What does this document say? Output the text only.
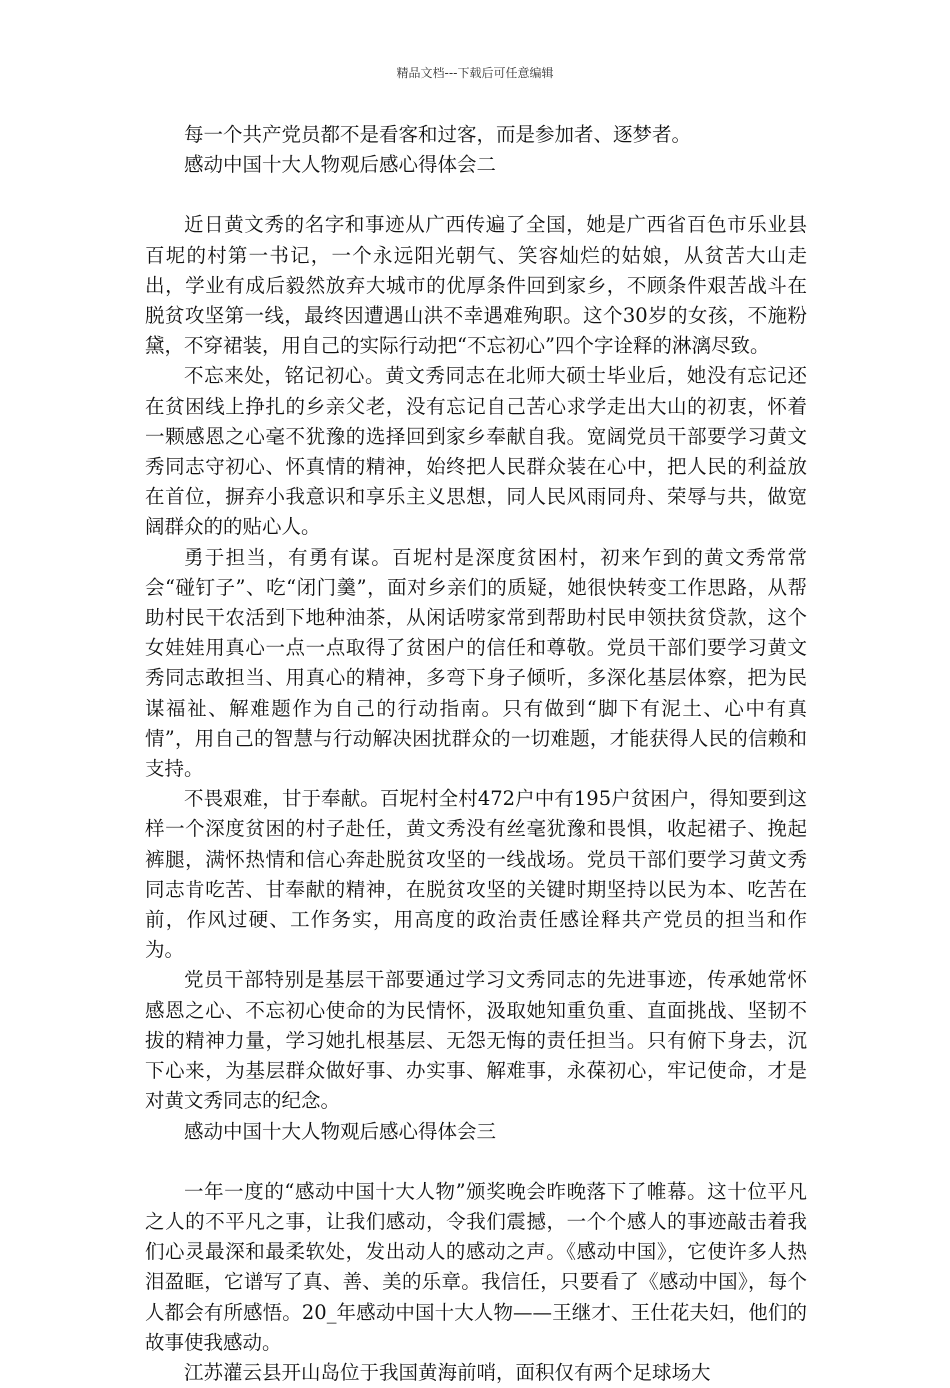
精品文档---下载后可任意编辑

每一个共产党员都不是看客和过客，而是参加者、逐梦者。

感动中国十大人物观后感心得体会二

近日黄文秀的名字和事迹从广西传遍了全国，她是广西省百色市乐业县百坭的村第一书记，一个永远阳光朝气、笑容灿烂的姑娘，从贫苦大山走出，学业有成后毅然放弃大城市的优厚条件回到家乡，不顾条件艰苦战斗在脱贫攻坚第一线，最终因遭遇山洪不幸遇难殉职。这个30岁的女孩，不施粉黛，不穿裙装，用自己的实际行动把“不忘初心”四个字诠释的淋漓尽致。

不忘来处，铭记初心。黄文秀同志在北师大硕士毕业后，她没有忘记还在贫困线上挣扎的乡亲父老，没有忘记自己苦心求学走出大山的初衷，怀着一颗感恩之心毫不犹豫的选择回到家乡奉献自我。宽阔党员干部要学习黄文秀同志守初心、怀真情的精神，始终把人民群众装在心中，把人民的利益放在首位，摒弃小我意识和享乐主义思想，同人民风雨同舟、荣辱与共，做宽阔群众的的贴心人。

勇于担当，有勇有谋。百坭村是深度贫困村，初来乍到的黄文秀常常会“碰钉子”、吃“闭门羹”，面对乡亲们的质疑，她很快转变工作思路，从帮助村民干农活到下地种油茶，从闲话唠家常到帮助村民申领扶贫贷款，这个女娃娃用真心一点一点取得了贫困户的信任和尊敬。党员干部们要学习黄文秀同志敢担当、用真心的精神，多弯下身子倾听，多深化基层体察，把为民谋福祉、解难题作为自己的行动指南。只有做到“脚下有泥土、心中有真情”，用自己的智慧与行动解决困扰群众的一切难题，才能获得人民的信赖和支持。

不畏艰难，甘于奉献。百坭村全村472户中有195户贫困户，得知要到这样一个深度贫困的村子赴任，黄文秀没有丝毫犹豫和畏惧，收起裙子、挽起裤腿，满怀热情和信心奔赴脱贫攻坚的一线战场。党员干部们要学习黄文秀同志肯吃苦、甘奉献的精神，在脱贫攻坚的关键时期坚持以民为本、吃苦在前，作风过硬、工作务实，用高度的政治责任感诠释共产党员的担当和作为。

党员干部特别是基层干部要通过学习文秀同志的先进事迹，传承她常怀感恩之心、不忘初心使命的为民情怀，汲取她知重负重、直面挑战、坚韧不拔的精神力量，学习她扎根基层、无怨无悔的责任担当。只有俯下身去，沉下心来，为基层群众做好事、办实事、解难事，永葆初心，牢记使命，才是对黄文秀同志的纪念。

感动中国十大人物观后感心得体会三

一年一度的“感动中国十大人物”颁奖晚会昨晚落下了帷幕。这十位平凡之人的不平凡之事，让我们感动，令我们震撼，一个个感人的事迹敲击着我们心灵最深和最柔软处，发出动人的感动之声。《感动中国》，它使许多人热泪盈眶，它谱写了真、善、美的乐章。我信任，只要看了《感动中国》，每个人都会有所感悟。20_年感动中国十大人物——王继才、王仕花夫妇，他们的故事使我感动。

江苏灌云县开山岛位于我国黄海前哨，面积仅有两个足球场大
